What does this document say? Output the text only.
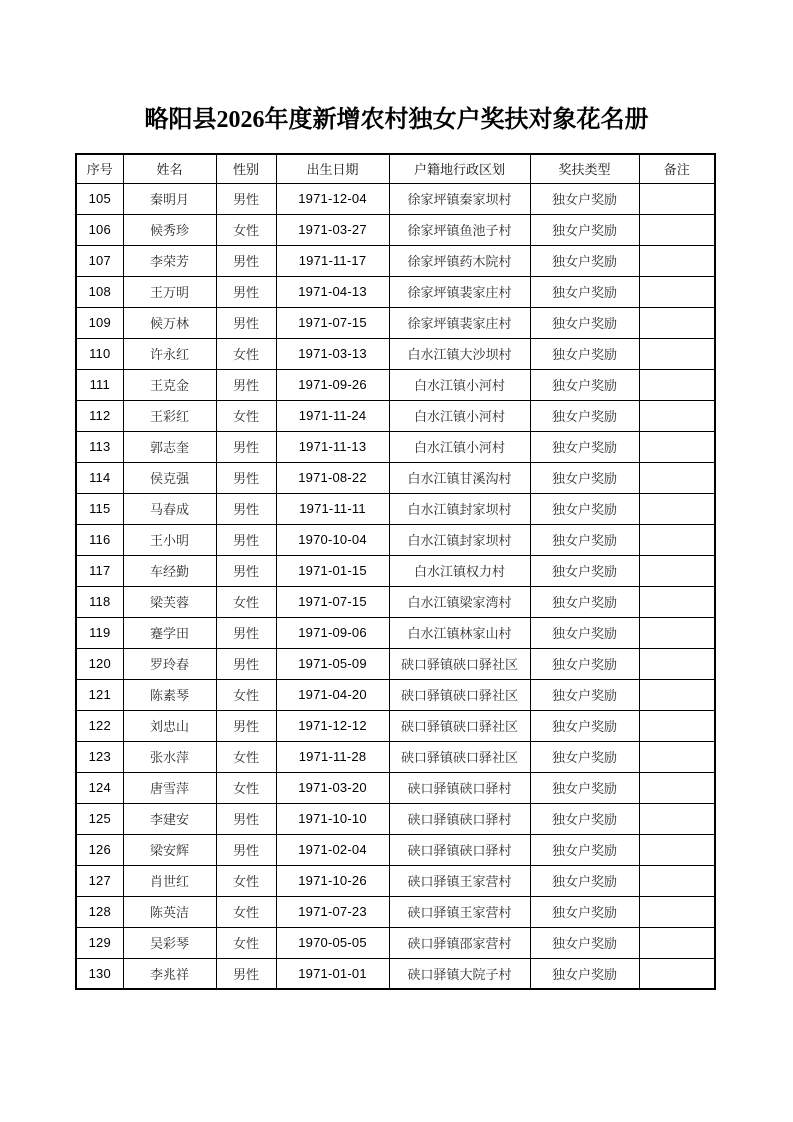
略阳县2026年度新增农村独女户奖扶对象花名册
序号	姓名	性别	出生日期	户籍地行政区划	奖扶类型	备注
105	秦明月	男性	1971-12-04	徐家坪镇秦家坝村	独女户奖励	
106	候秀珍	女性	1971-03-27	徐家坪镇鱼池子村	独女户奖励	
107	李荣芳	男性	1971-11-17	徐家坪镇药木院村	独女户奖励	
108	王万明	男性	1971-04-13	徐家坪镇裴家庄村	独女户奖励	
109	候万林	男性	1971-07-15	徐家坪镇裴家庄村	独女户奖励	
110	许永红	女性	1971-03-13	白水江镇大沙坝村	独女户奖励	
111	王克金	男性	1971-09-26	白水江镇小河村	独女户奖励	
112	王彩红	女性	1971-11-24	白水江镇小河村	独女户奖励	
113	郭志奎	男性	1971-11-13	白水江镇小河村	独女户奖励	
114	侯克强	男性	1971-08-22	白水江镇甘溪沟村	独女户奖励	
115	马春成	男性	1971-11-11	白水江镇封家坝村	独女户奖励	
116	王小明	男性	1970-10-04	白水江镇封家坝村	独女户奖励	
117	车经勤	男性	1971-01-15	白水江镇权力村	独女户奖励	
118	梁芙蓉	女性	1971-07-15	白水江镇梁家湾村	独女户奖励	
119	蹇学田	男性	1971-09-06	白水江镇林家山村	独女户奖励	
120	罗玲春	男性	1971-05-09	硖口驿镇硖口驿社区	独女户奖励	
121	陈素琴	女性	1971-04-20	硖口驿镇硖口驿社区	独女户奖励	
122	刘忠山	男性	1971-12-12	硖口驿镇硖口驿社区	独女户奖励	
123	张水萍	女性	1971-11-28	硖口驿镇硖口驿社区	独女户奖励	
124	唐雪萍	女性	1971-03-20	硖口驿镇硖口驿村	独女户奖励	
125	李建安	男性	1971-10-10	硖口驿镇硖口驿村	独女户奖励	
126	梁安辉	男性	1971-02-04	硖口驿镇硖口驿村	独女户奖励	
127	肖世红	女性	1971-10-26	硖口驿镇王家营村	独女户奖励	
128	陈英洁	女性	1971-07-23	硖口驿镇王家营村	独女户奖励	
129	吴彩琴	女性	1970-05-05	硖口驿镇邵家营村	独女户奖励	
130	李兆祥	男性	1971-01-01	硖口驿镇大院子村	独女户奖励	
